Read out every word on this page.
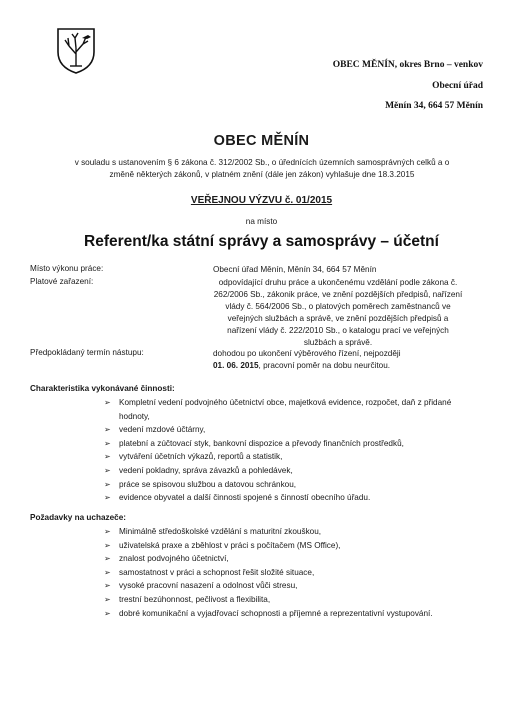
OBEC MĚNÍN, okres Brno – venkov
Obecní úřad
Měnín 34, 664 57 Měnín
OBEC MĚNÍN
v souladu s ustanovením § 6 zákona č. 312/2002 Sb., o úřednících územních samosprávných celků a o změně některých zákonů, v platném znění (dále jen zákon) vyhlašuje dne 18.3.2015
VEŘEJNOU VÝZVU č. 01/2015
na místo
Referent/ka státní správy a samosprávy – účetní
Místo výkonu práce:	Obecní úřad Měnín, Měnín 34, 664 57 Měnín
Platové zařazení:	odpovídající druhu práce a ukončenému vzdělání podle zákona č. 262/2006 Sb., zákonik práce, ve znění pozdějších předpisů, nařízení vlády č. 564/2006 Sb., o platových poměrech zaměstnanců ve veřejných službách a správě, ve znění pozdějších předpisů a nařízení vlády č. 222/2010 Sb., o katalogu prací ve veřejných službách a správě.
Předpokládaný termín nástupu:	dohodou po ukončení výběrového řízení, nejpozději
01. 06. 2015, pracovní poměr na dobu neurčitou.
Charakteristika vykonávané činnosti:
➢ Kompletní vedení podvojného účetnictví obce, majetková evidence, rozpočet, daň z přidané hodnoty,
➢ vedení mzdové účtárny,
➢ platební a zúčtovací styk, bankovní dispozice a převody finančních prostředků,
➢ vytváření účetních výkazů, reportů a statistik,
➢ vedení pokladny, správa závazků a pohledávek,
➢ práce se spisovou službou a datovou schránkou,
➢ evidence obyvatel a další činnosti spojené s činností obecního úřadu.
Požadavky na uchazeče:
➢ Minimálně středoškolské vzdělání s maturitní zkouškou,
➢ uživatelská praxe a zběhlost v práci s počítačem (MS Office),
➢ znalost podvojného účetnictví,
➢ samostatnost v práci a schopnost řešit složité situace,
➢ vysoké pracovní nasazení a odolnost vůči stresu,
➢ trestní bezúhonnost, pečlivost a flexibilita,
➢ dobré komunikační a vyjadřovací schopnosti a příjemné a reprezentativní vystupování.
